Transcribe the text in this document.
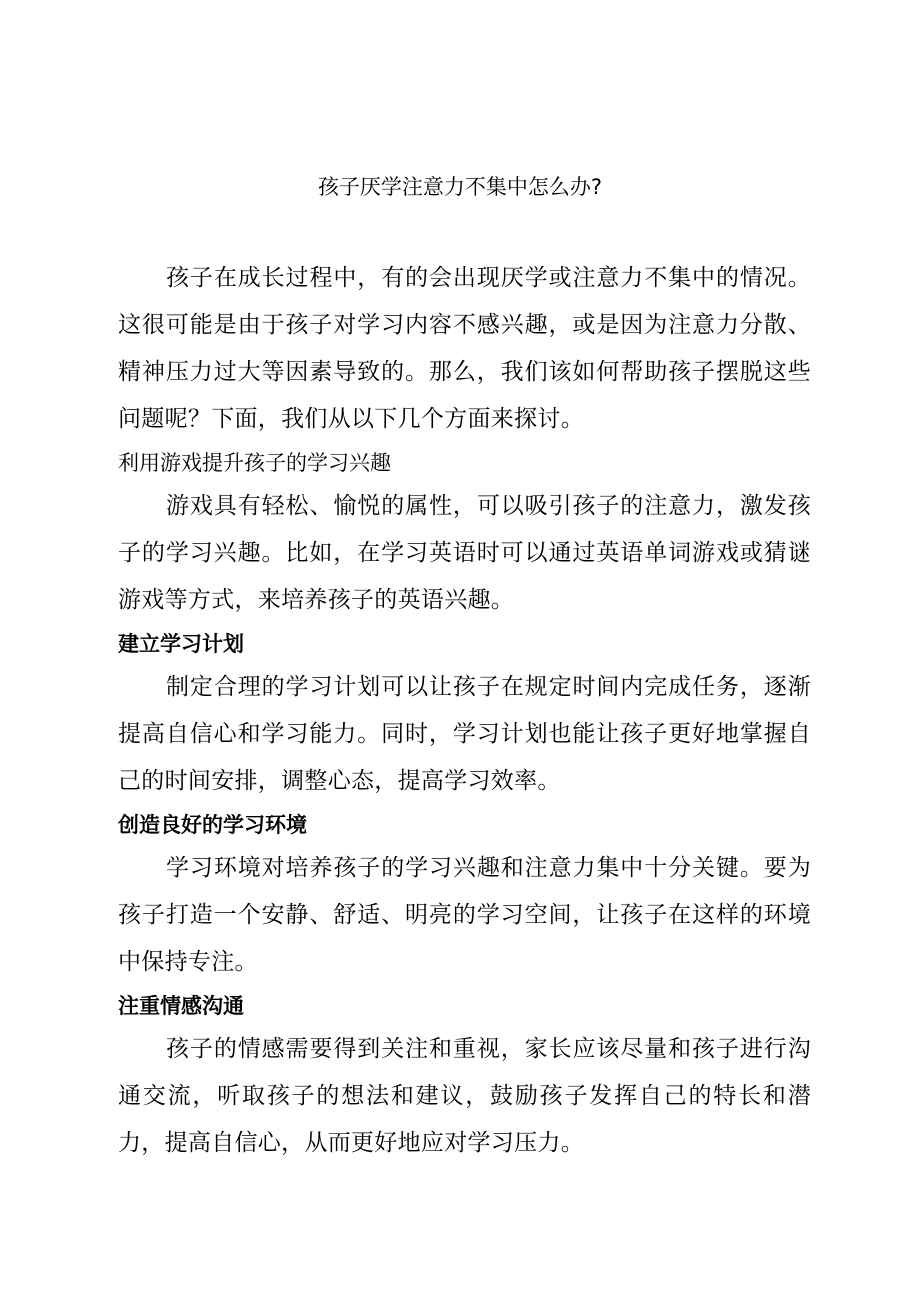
孩子厌学注意力不集中怎么办?

孩子在成长过程中，有的会出现厌学或注意力不集中的情况。这很可能是由于孩子对学习内容不感兴趣，或是因为注意力分散、精神压力过大等因素导致的。那么，我们该如何帮助孩子摆脱这些问题呢？下面，我们从以下几个方面来探讨。

利用游戏提升孩子的学习兴趣

游戏具有轻松、愉悦的属性，可以吸引孩子的注意力，激发孩子的学习兴趣。比如，在学习英语时可以通过英语单词游戏或猜谜游戏等方式，来培养孩子的英语兴趣。

建立学习计划

制定合理的学习计划可以让孩子在规定时间内完成任务，逐渐提高自信心和学习能力。同时，学习计划也能让孩子更好地掌握自己的时间安排，调整心态，提高学习效率。

创造良好的学习环境

学习环境对培养孩子的学习兴趣和注意力集中十分关键。要为孩子打造一个安静、舒适、明亮的学习空间，让孩子在这样的环境中保持专注。

注重情感沟通

孩子的情感需要得到关注和重视，家长应该尽量和孩子进行沟通交流，听取孩子的想法和建议，鼓励孩子发挥自己的特长和潜力，提高自信心，从而更好地应对学习压力。
